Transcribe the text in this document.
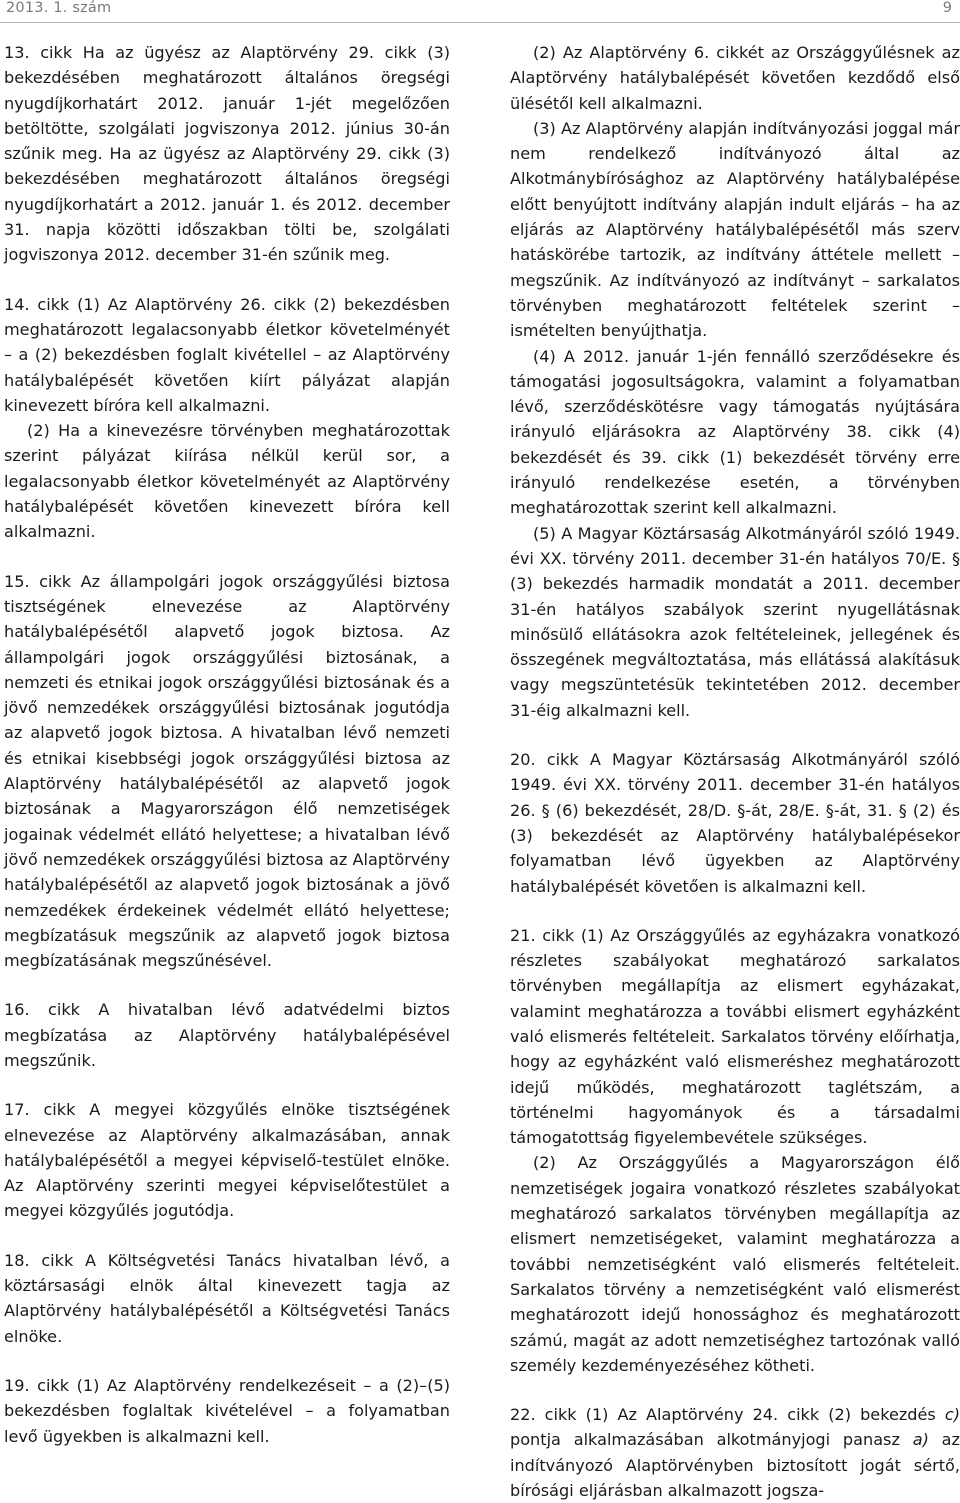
2013. 1. szám	9

13. cikk Ha az ügyész az Alaptörvény 29. cikk (3) bekezdésében meghatározott általános öregségi nyugdíjkorhatárt 2012. január 1-jét megelőzően betöltötte, szolgálati jogviszonya 2012. június 30-án szűnik meg. Ha az ügyész az Alaptörvény 29. cikk (3) bekezdésében meghatározott általános öregségi nyugdíjkorhatárt a 2012. január 1. és 2012. december 31. napja közötti időszakban tölti be, szolgálati jogviszonya 2012. december 31-én szűnik meg.

14. cikk (1) Az Alaptörvény 26. cikk (2) bekezdésben meghatározott legalacsonyabb életkor követelményét – a (2) bekezdésben foglalt kivétellel – az Alaptörvény hatálybalépését követően kiírt pályázat alapján kinevezett bíróra kell alkalmazni.

(2) Ha a kinevezésre törvényben meghatározottak szerint pályázat kiírása nélkül kerül sor, a legalacsonyabb életkor követelményét az Alaptörvény hatálybalépését követően kinevezett bíróra kell alkalmazni.

15. cikk Az állampolgári jogok országgyűlési biztosa tisztségének elnevezése az Alaptörvény hatálybalépésétől alapvető jogok biztosa. Az állampolgári jogok országgyűlési biztosának, a nemzeti és etnikai jogok országgyűlési biztosának és a jövő nemzedékek országgyűlési biztosának jogutódja az alapvető jogok biztosa. A hivatalban lévő nemzeti és etnikai kisebbségi jogok országgyűlési biztosa az Alaptörvény hatálybalépésétől az alapvető jogok biztosának a Magyarországon élő nemzetiségek jogainak védelmét ellátó helyettese; a hivatalban lévő jövő nemzedékek országgyűlési biztosa az Alaptörvény hatálybalépésétől az alapvető jogok biztosának a jövő nemzedékek érdekeinek védelmét ellátó helyettese; megbízatásuk megszűnik az alapvető jogok biztosa megbízatásának megszűnésével.

16. cikk A hivatalban lévő adatvédelmi biztos megbízatása az Alaptörvény hatálybalépésével megszűnik.

17. cikk A megyei közgyűlés elnöke tisztségének elnevezése az Alaptörvény alkalmazásában, annak hatálybalépésétől a megyei képviselő-testület elnöke. Az Alaptörvény szerinti megyei képviselőtestület a megyei közgyűlés jogutódja.

18. cikk A Költségvetési Tanács hivatalban lévő, a köztársasági elnök által kinevezett tagja az Alaptörvény hatálybalépésétől a Költségvetési Tanács elnöke.

19. cikk (1) Az Alaptörvény rendelkezéseit – a (2)–(5) bekezdésben foglaltak kivételével – a folyamatban levő ügyekben is alkalmazni kell.

(2) Az Alaptörvény 6. cikkét az Országgyűlésnek az Alaptörvény hatálybalépését követően kezdődő első ülésétől kell alkalmazni.

(3) Az Alaptörvény alapján indítványozási joggal már nem rendelkező indítványozó által az Alkotmánybírósághoz az Alaptörvény hatálybalépése előtt benyújtott indítvány alapján indult eljárás – ha az eljárás az Alaptörvény hatálybalépésétől más szerv hatáskörébe tartozik, az indítvány áttétele mellett – megszűnik. Az indítványozó az indítványt – sarkalatos törvényben meghatározott feltételek szerint – ismételten benyújthatja.

(4) A 2012. január 1-jén fennálló szerződésekre és támogatási jogosultságokra, valamint a folyamatban lévő, szerződéskötésre vagy támogatás nyújtására irányuló eljárásokra az Alaptörvény 38. cikk (4) bekezdését és 39. cikk (1) bekezdését törvény erre irányuló rendelkezése esetén, a törvényben meghatározottak szerint kell alkalmazni.

(5) A Magyar Köztársaság Alkotmányáról szóló 1949. évi XX. törvény 2011. december 31-én hatályos 70/E. § (3) bekezdés harmadik mondatát a 2011. december 31-én hatályos szabályok szerint nyugellátásnak minősülő ellátásokra azok feltételeinek, jellegének és összegének megváltoztatása, más ellátássá alakításuk vagy megszüntetésük tekintetében 2012. december 31-éig alkalmazni kell.

20. cikk A Magyar Köztársaság Alkotmányáról szóló 1949. évi XX. törvény 2011. december 31-én hatályos 26. § (6) bekezdését, 28/D. §-át, 28/E. §-át, 31. § (2) és (3) bekezdését az Alaptörvény hatálybalépésekor folyamatban lévő ügyekben az Alaptörvény hatálybalépését követően is alkalmazni kell.

21. cikk (1) Az Országgyűlés az egyházakra vonatkozó részletes szabályokat meghatározó sarkalatos törvényben megállapítja az elismert egyházakat, valamint meghatározza a további elismert egyházként való elismerés feltételeit. Sarkalatos törvény előírhatja, hogy az egyházként való elismeréshez meghatározott idejű működés, meghatározott taglétszám, a történelmi hagyományok és a társadalmi támogatottság figyelembevétele szükséges.

(2) Az Országgyűlés a Magyarországon élő nemzetiségek jogaira vonatkozó részletes szabályokat meghatározó sarkalatos törvényben megállapítja az elismert nemzetiségeket, valamint meghatározza a további nemzetiségként való elismerés feltételeit. Sarkalatos törvény a nemzetiségként való elismerést meghatározott idejű honossághoz és meghatározott számú, magát az adott nemzetiséghez tartozónak valló személy kezdeményezéséhez kötheti.

22. cikk (1) Az Alaptörvény 24. cikk (2) bekezdés c) pontja alkalmazásában alkotmányjogi panasz a) az indítványozó Alaptörvényben biztosított jogát sértő, bírósági eljárásban alkalmazott jogsza-
